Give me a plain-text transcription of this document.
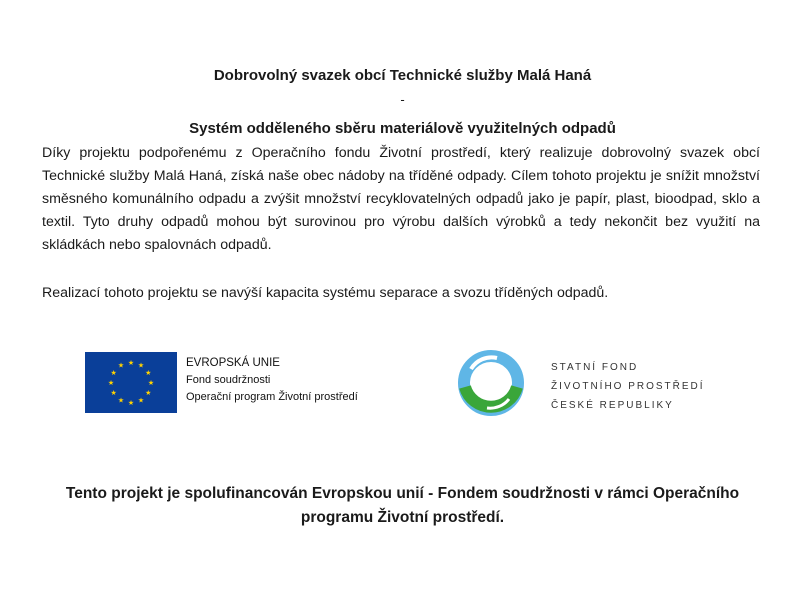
Dobrovolný svazek obcí Technické služby Malá Haná
-
Systém odděleného sběru materiálově využitelných odpadů
Díky projektu podpořenému z Operačního fondu Životní prostředí, který realizuje dobrovolný svazek obcí Technické služby Malá Haná, získá naše obec nádoby na tříděné odpady. Cílem tohoto projektu je snížit množství směsného komunálního odpadu a zvýšit množství recyklovatelných odpadů jako je papír, plast, bioodpad, sklo a textil. Tyto druhy odpadů mohou být surovinou pro výrobu dalších výrobků a tedy nekončit bez využití na skládkách nebo spalovnách odpadů.
Realizací tohoto projektu se navýší kapacita systému separace a svozu tříděných odpadů.
★ ★
★
★
★
★
★
★
★
★
★
★	EVROPSKÁ UNIE
Fond soudržnosti
Operační program Životní prostředí
STATNÍ FOND
ŽIVOTNÍHO PROSTŘEDÍ
ČESKÉ REPUBLIKY
Tento projekt je spolufinancován Evropskou unií - Fondem soudržnosti v rámci Operačního
programu Životní prostředí.
